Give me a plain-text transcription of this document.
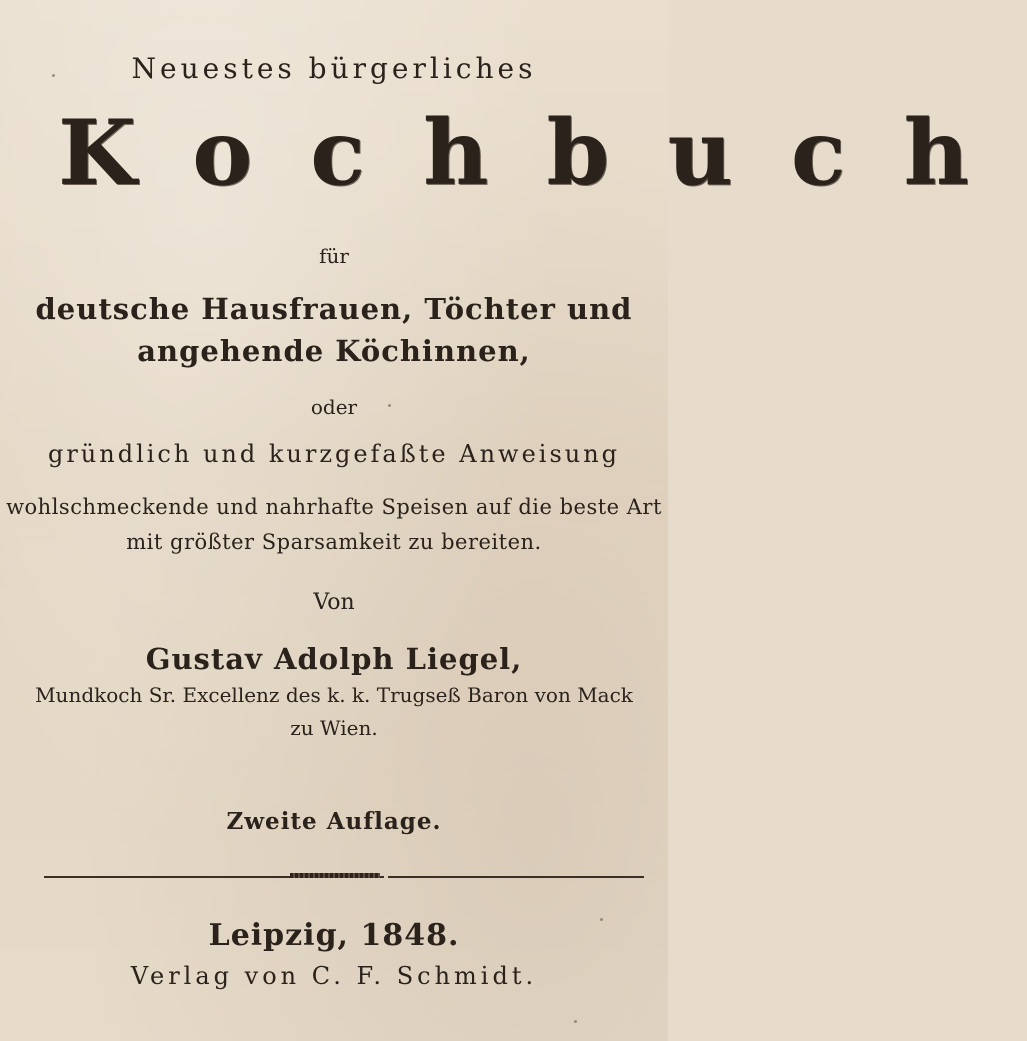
Neuestes bürgerliches
Kochbuch
für
deutsche Hausfrauen, Töchter und
angehende Köchinnen,
oder
gründlich und kurzgefaßte Anweisung
wohlschmeckende und nahrhafte Speisen auf die beste Art
mit größter Sparsamkeit zu bereiten.
Von
Gustav Adolph Liegel,
Mundkoch Sr. Excellenz des k. k. Trugseß Baron von Mack
zu Wien.
Zweite Auflage.
Leipzig, 1848.
Verlag von C. F. Schmidt.
